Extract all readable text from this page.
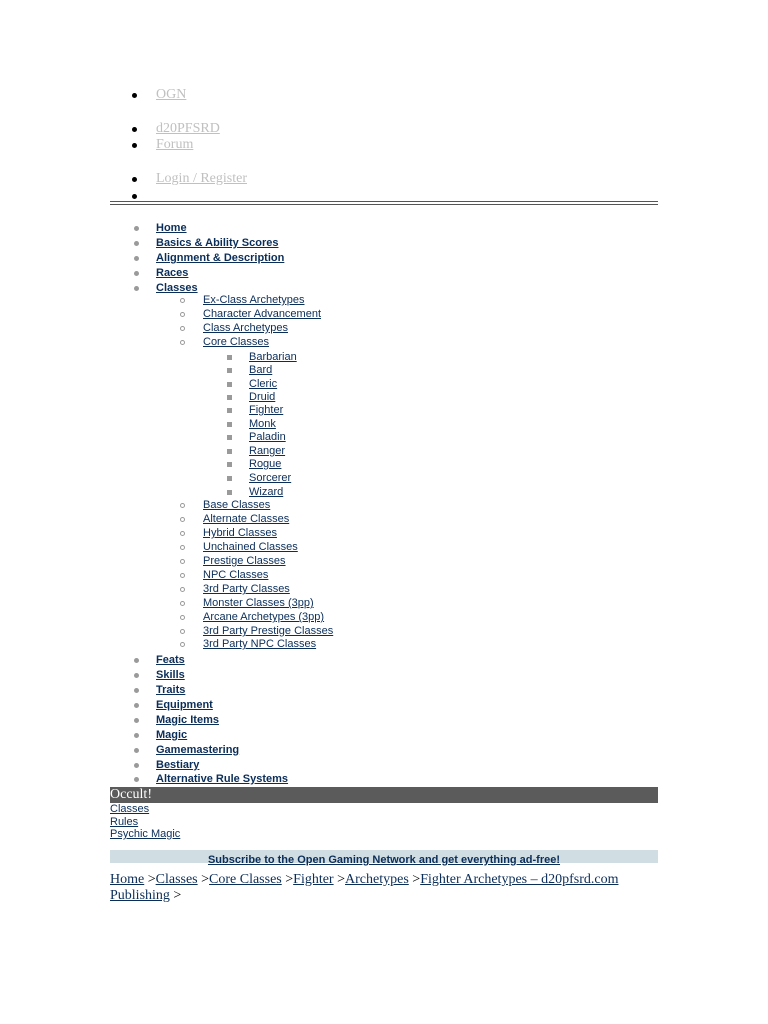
OGN
d20PFSRD
Forum
Login / Register
Home
Basics & Ability Scores
Alignment & Description
Races
Classes
Ex-Class Archetypes
Character Advancement
Class Archetypes
Core Classes
Barbarian
Bard
Cleric
Druid
Fighter
Monk
Paladin
Ranger
Rogue
Sorcerer
Wizard
Base Classes
Alternate Classes
Hybrid Classes
Unchained Classes
Prestige Classes
NPC Classes
3rd Party Classes
Monster Classes (3pp)
Arcane Archetypes (3pp)
3rd Party Prestige Classes
3rd Party NPC Classes
Feats
Skills
Traits
Equipment
Magic Items
Magic
Gamemastering
Bestiary
Alternative Rule Systems
Occult!
Classes
Rules
Psychic Magic
Subscribe to the Open Gaming Network and get everything ad-free!
Home >Classes >Core Classes >Fighter >Archetypes >Fighter Archetypes – d20pfsrd.com Publishing >
